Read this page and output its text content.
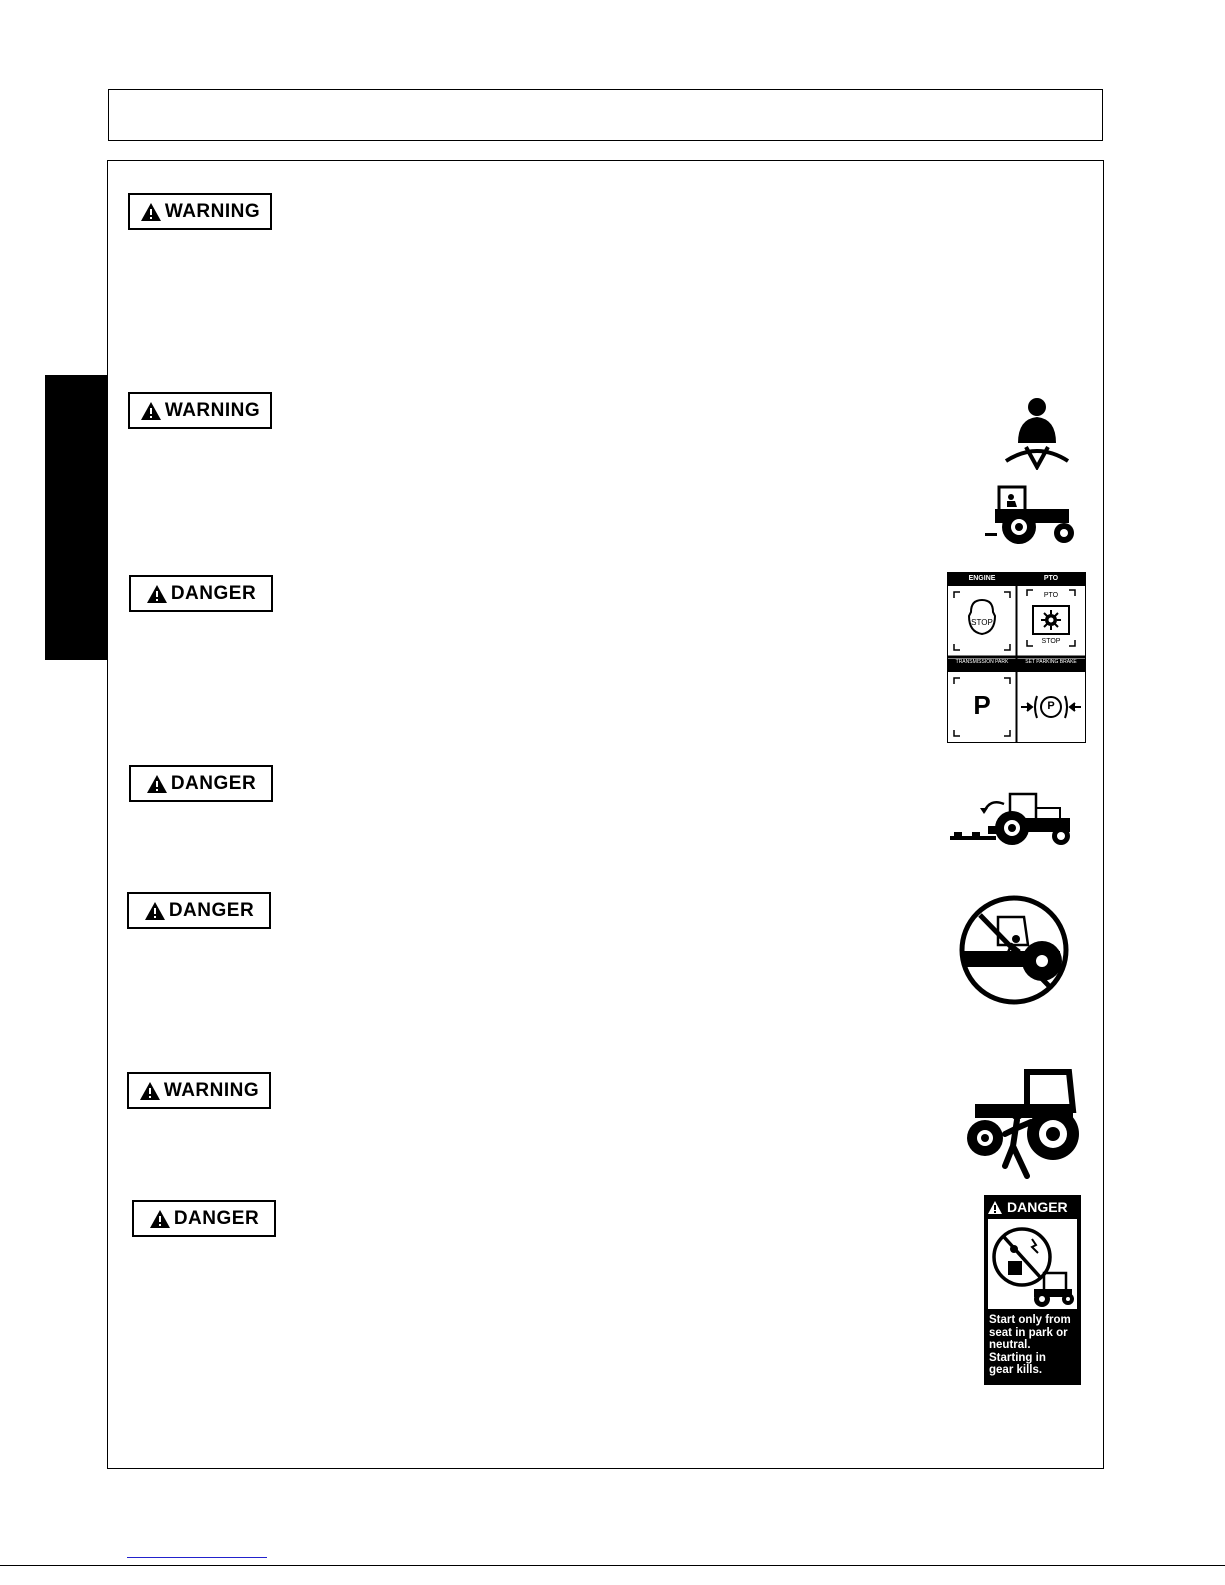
WARNING
WARNING
DANGER
DANGER
DANGER
WARNING
DANGER
ENGINE	PTO
STOP
PTO
STOP
TRANSMISSION PARK	SET PARKING BRAKE
P	P
DANGER
Start only from
seat in park or
neutral.
Starting in
gear kills.
